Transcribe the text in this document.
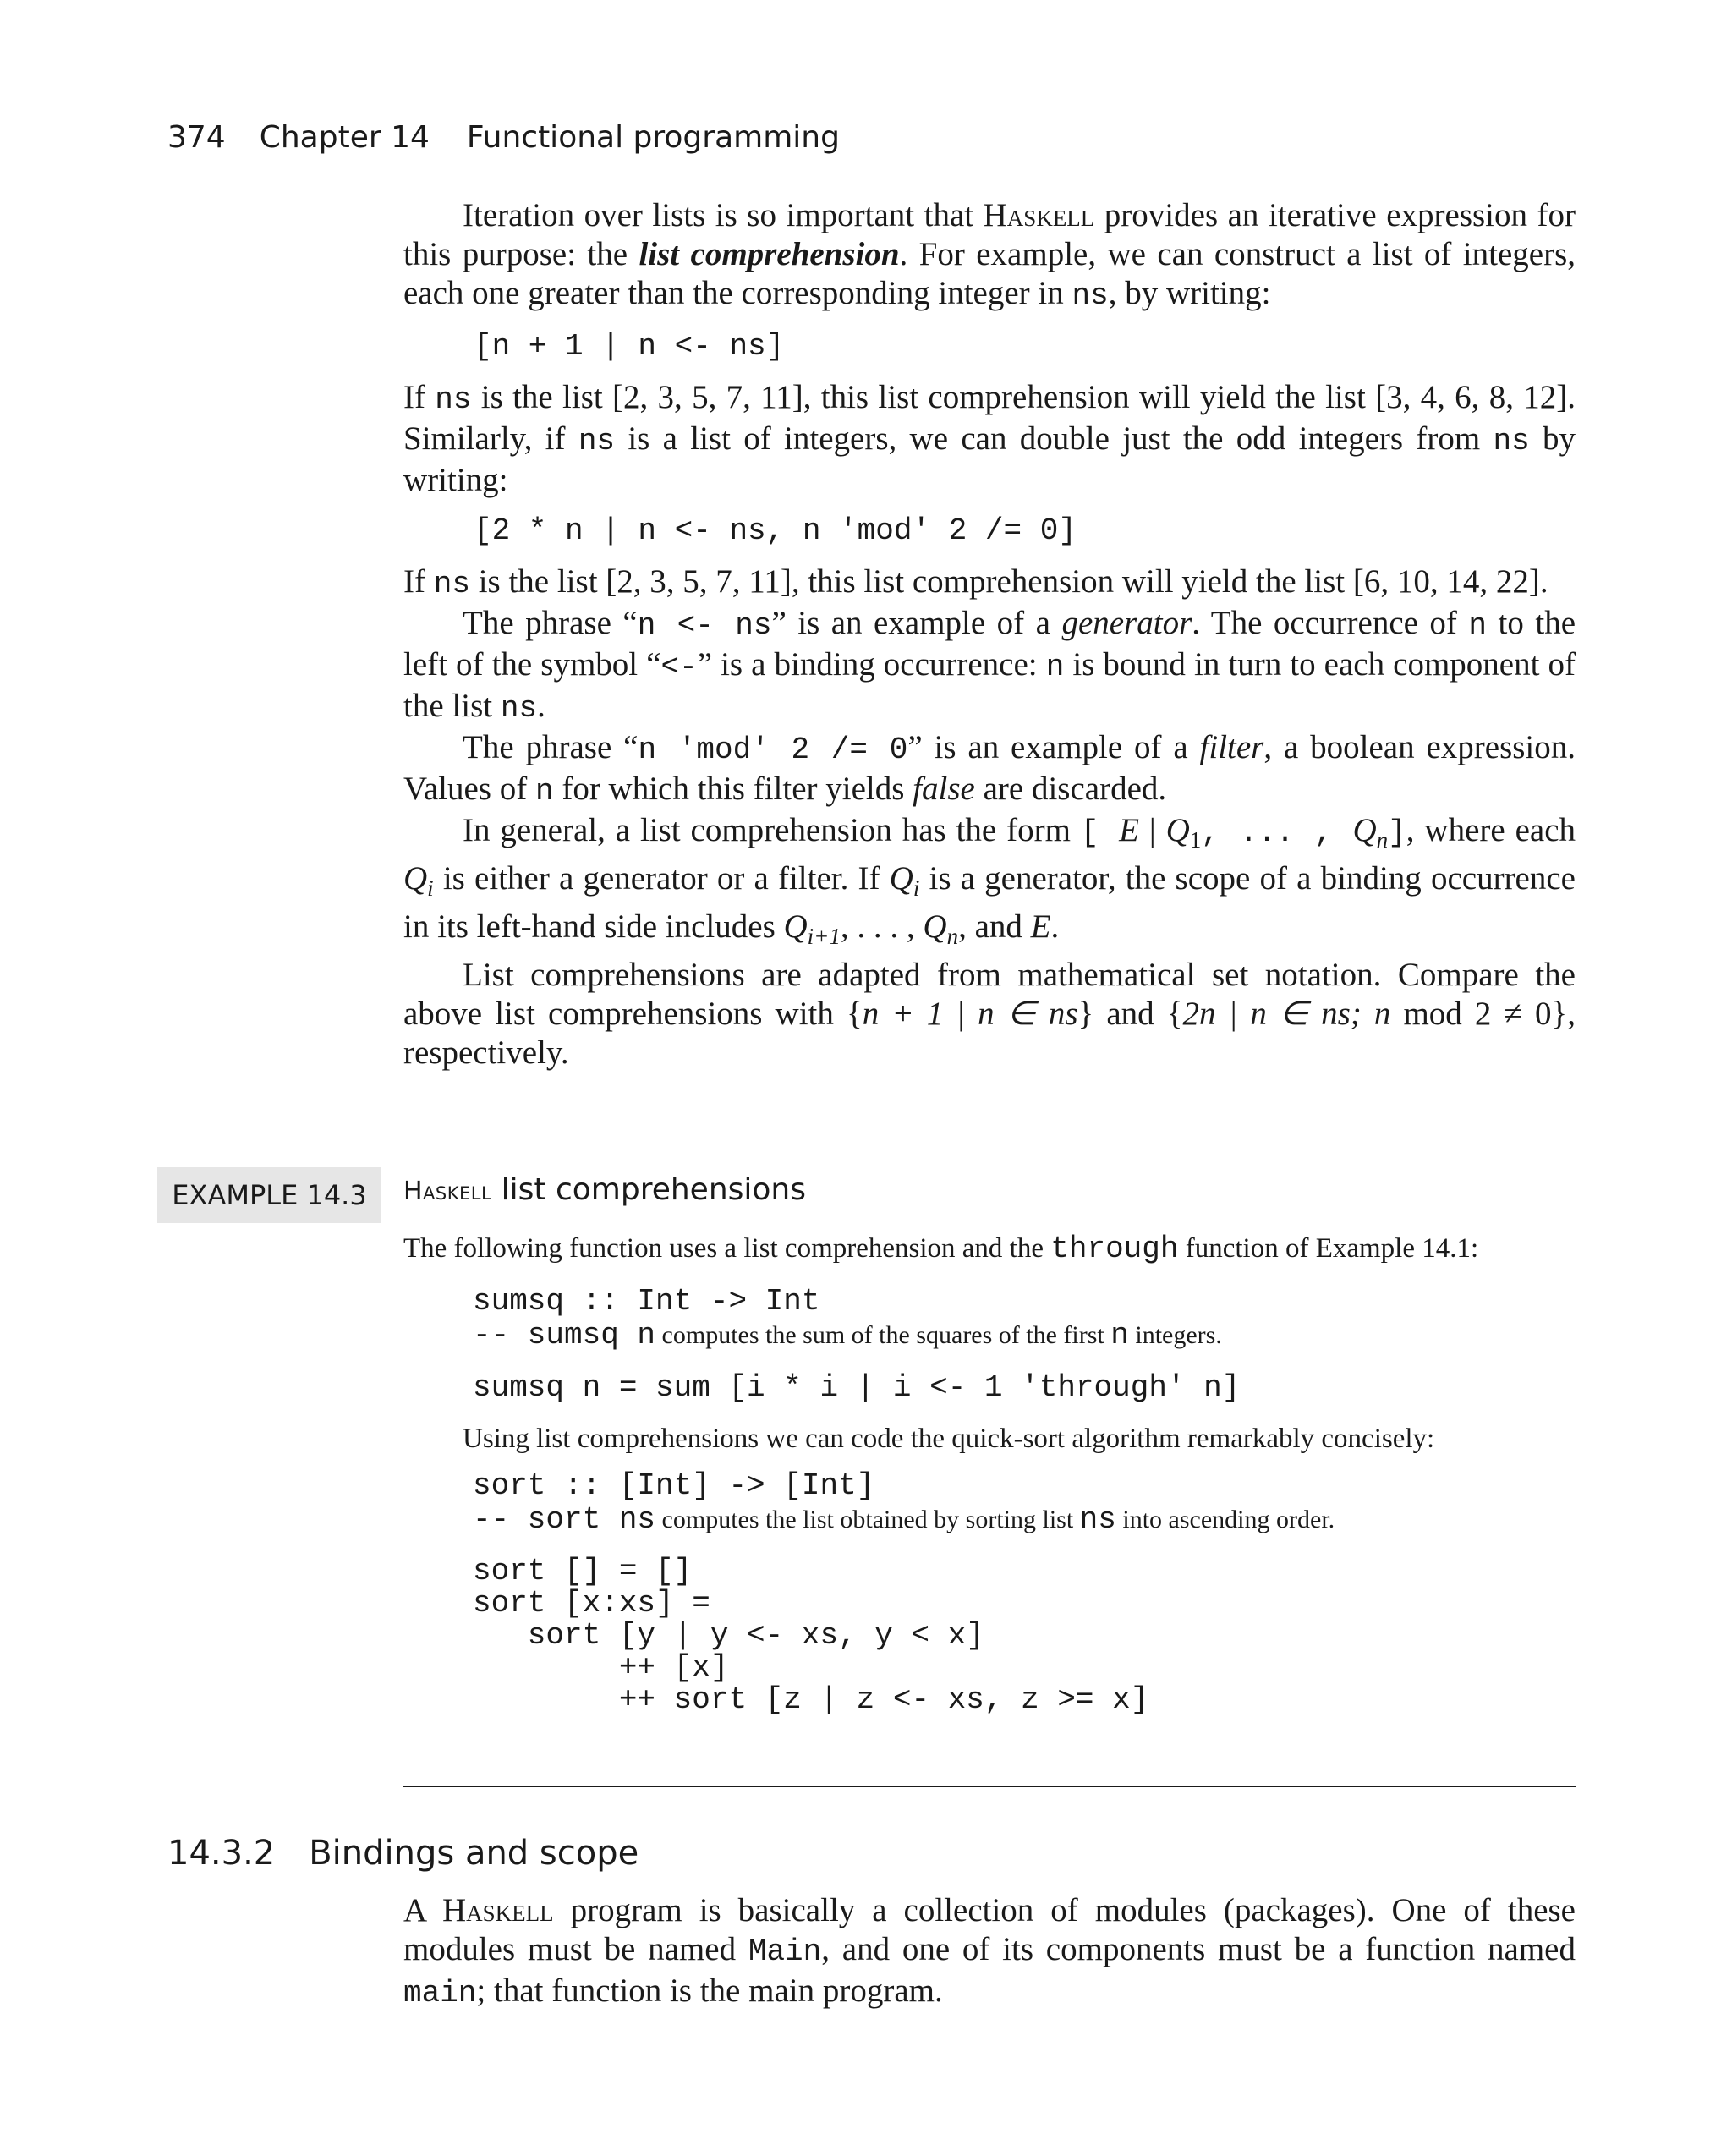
374 Chapter 14 Functional programming

Iteration over lists is so important that Haskell provides an iterative expression for this purpose: the list comprehension. For example, we can construct a list of integers, each one greater than the corresponding integer in ns, by writing:

[n + 1 | n <- ns]

If ns is the list [2, 3, 5, 7, 11], this list comprehension will yield the list [3, 4, 6, 8, 12]. Similarly, if ns is a list of integers, we can double just the odd integers from ns by writing:

[2 * n | n <- ns, n 'mod' 2 /= 0]

If ns is the list [2, 3, 5, 7, 11], this list comprehension will yield the list [6, 10, 14, 22].

The phrase “n <- ns” is an example of a generator. The occurrence of n to the left of the symbol “<-” is a binding occurrence: n is bound in turn to each component of the list ns.

The phrase “n 'mod' 2 /= 0” is an example of a filter, a boolean expression. Values of n for which this filter yields false are discarded.

In general, a list comprehension has the form [ E | $Q_1$, ... , $Q_n$], where each $Q_i$ is either a generator or a filter. If $Q_i$ is a generator, the scope of a binding occurrence in its left-hand side includes $Q_{i+1}$, . . . , $Q_n$, and E.

List comprehensions are adapted from mathematical set notation. Compare the above list comprehensions with {n + 1 | n ∈ ns} and {2n | n ∈ ns; n mod 2 ≠ 0}, respectively.

EXAMPLE 14.3	Haskell list comprehensions

The following function uses a list comprehension and the through function of Example 14.1:

sumsq :: Int -> Int
-- sumsq n computes the sum of the squares of the first n integers.
sumsq n = sum [i * i | i <- 1 'through' n]

Using list comprehensions we can code the quick-sort algorithm remarkably concisely:

sort :: [Int] -> [Int]
-- sort ns computes the list obtained by sorting list ns into ascending order.
sort [] = []
sort [x:xs] =
sort [y | y <- xs, y < x]
++ [x]
++ sort [z | z <- xs, z >= x]
14.3.2 Bindings and scope

A Haskell program is basically a collection of modules (packages). One of these modules must be named Main, and one of its components must be a function named main; that function is the main program.
